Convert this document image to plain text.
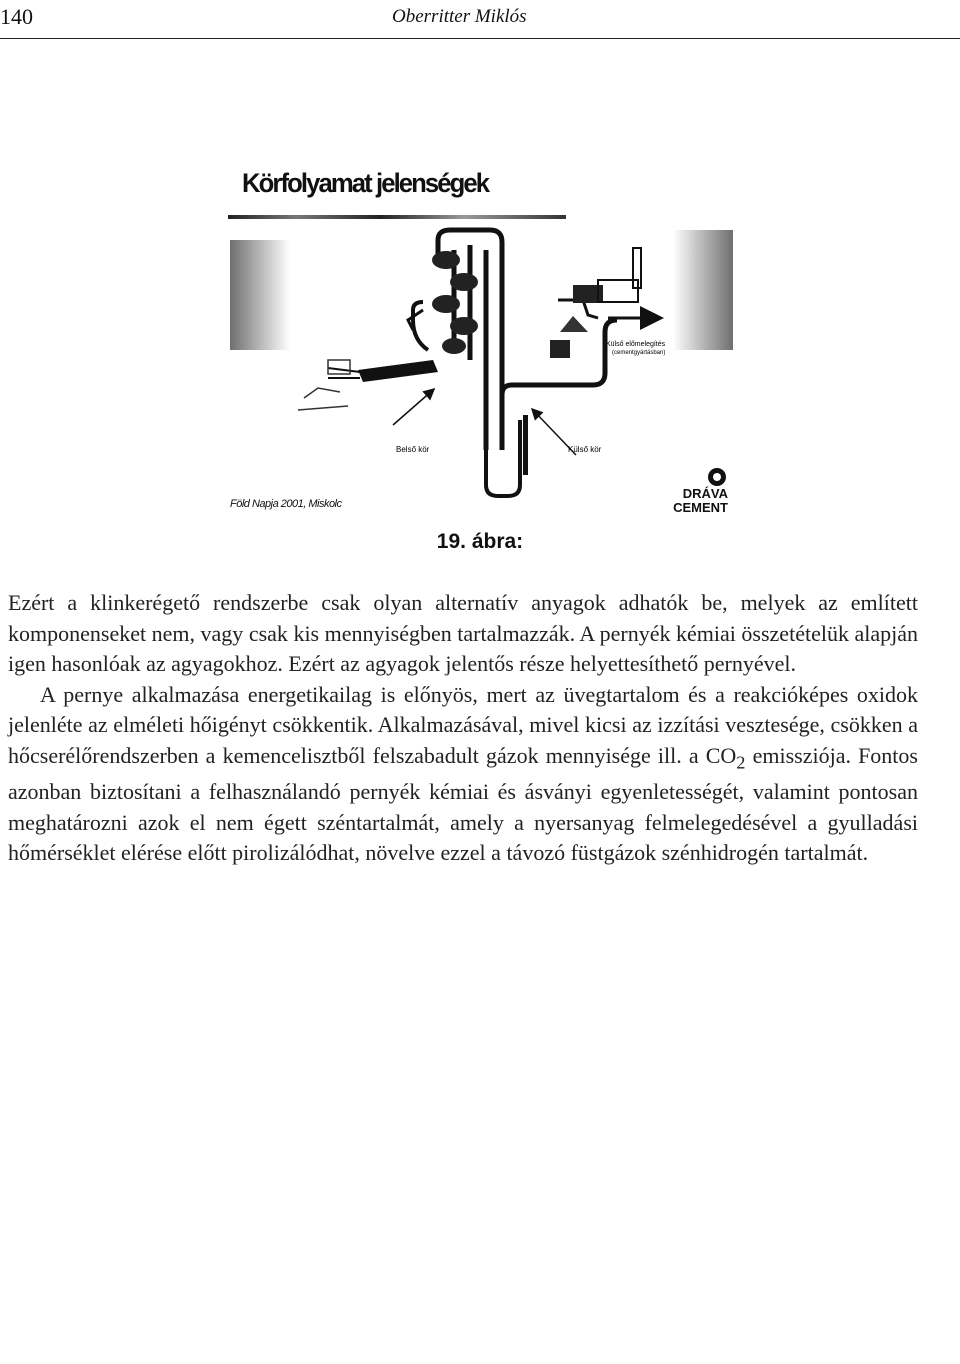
140	Oberritter Miklós
Körfolyamat jelenségek
Belső kör	Külső kör
Külső előmelegítés
(cementgyártásban)
Föld Napja 2001, Miskolc
DRÁVA
CEMENT
19. ábra:

Ezért a klinkerégető rendszerbe csak olyan alternatív anyagok adhatók be, melyek az említett komponenseket nem, vagy csak kis mennyiségben tartalmazzák. A pernyék kémiai összetételük alapján igen hasonlóak az agyagokhoz. Ezért az agyagok jelentős része helyettesíthető pernyével.

A pernye alkalmazása energetikailag is előnyös, mert az üvegtartalom és a reakcióképes oxidok jelenléte az elméleti hőigényt csökkentik. Alkalmazásával, mivel kicsi az izzítási vesztesége, csökken a hőcserélőrendszerben a kemencelisztből felszabadult gázok mennyisége ill. a $CO_2$ emissziója. Fontos azonban biztosítani a felhasználandó pernyék kémiai és ásványi egyenletességét, valamint pontosan meghatározni azok el nem égett széntartalmát, amely a nyersanyag felmelegedésével a gyulladási hőmérséklet elérése előtt pirolizálódhat, növelve ezzel a távozó füstgázok szénhidrogén tartalmát.
